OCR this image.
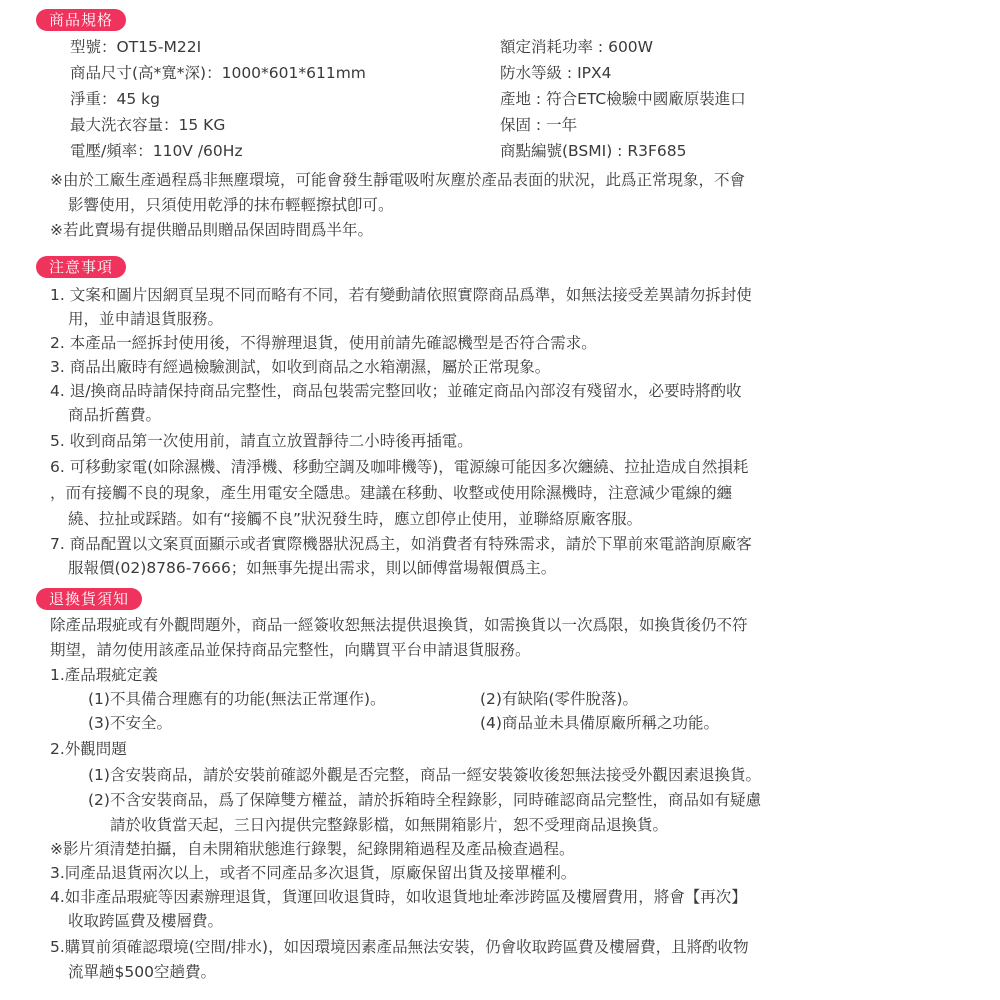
商品規格
型號：OT15-M22I
商品尺寸(高*寬*深)：1000*601*611mm
淨重：45 kg
最大洗衣容量：15 KG
電壓/頻率：110V /60Hz
額定消耗功率 : 600W
防水等級 : IPX4
產地 : 符合ETC檢驗中國廠原裝進口
保固 : 一年
商點編號(BSMI) : R3F685
※由於工廠生產過程爲非無塵環境，可能會發生靜電吸咐灰塵於產品表面的狀況，此爲正常現象，不會
影響使用，只須使用乾淨的抹布輕輕擦拭卽可。
※若此賣場有提供贈品則贈品保固時間爲半年。
注意事項
1. 文案和圖片因網頁呈現不同而略有不同，若有變動請依照實際商品爲準，如無法接受差異請勿拆封使
用，並申請退貨服務。
2. 本產品一經拆封使用後，不得辦理退貨，使用前請先確認機型是否符合需求。
3. 商品出廠時有經過檢驗測試，如收到商品之水箱潮濕，屬於正常現象。
4. 退/換商品時請保持商品完整性，商品包裝需完整回收；並確定商品內部沒有殘留水，必要時將酌收
商品折舊費。
5. 收到商品第一次使用前，請直立放置靜待二小時後再插電。
6. 可移動家電(如除濕機、清淨機、移動空調及咖啡機等)，電源線可能因多次纏繞、拉扯造成自然損耗
，而有接觸不良的現象，產生用電安全隱患。建議在移動、收整或使用除濕機時，注意減少電線的纏
繞、拉扯或踩踏。如有“接觸不良”狀況發生時，應立卽停止使用，並聯絡原廠客服。
7. 商品配置以文案頁面顯示或者實際機器狀況爲主，如消費者有特殊需求，請於下單前來電諮詢原廠客
服報價(02)8786-7666；如無事先提出需求，則以師傅當場報價爲主。
退換貨須知
除產品瑕疵或有外觀問題外，商品一經簽收恕無法提供退換貨，如需換貨以一次爲限，如換貨後仍不符
期望，請勿使用該產品並保持商品完整性，向購買平台申請退貨服務。
1.產品瑕疵定義
(1)不具備合理應有的功能(無法正常運作)。	(2)有缺陷(零件脫落)。
(3)不安全。	(4)商品並未具備原廠所稱之功能。
2.外觀問題
(1)含安裝商品，請於安裝前確認外觀是否完整，商品一經安裝簽收後恕無法接受外觀因素退換貨。
(2)不含安裝商品，爲了保障雙方權益，請於拆箱時全程錄影，同時確認商品完整性，商品如有疑慮
請於收貨當天起，三日內提供完整錄影檔，如無開箱影片，恕不受理商品退換貨。
※影片須清楚拍攝，自未開箱狀態進行錄製，紀錄開箱過程及產品檢查過程。
3.同產品退貨兩次以上，或者不同產品多次退貨，原廠保留出貨及接單權利。
4.如非產品瑕疵等因素辦理退貨，貨運回收退貨時，如收退貨地址牽涉跨區及樓層費用，將會【再次】
收取跨區費及樓層費。
5.購買前須確認環境(空間/排水)，如因環境因素產品無法安裝，仍會收取跨區費及樓層費，且將酌收物
流單趟$500空趟費。
